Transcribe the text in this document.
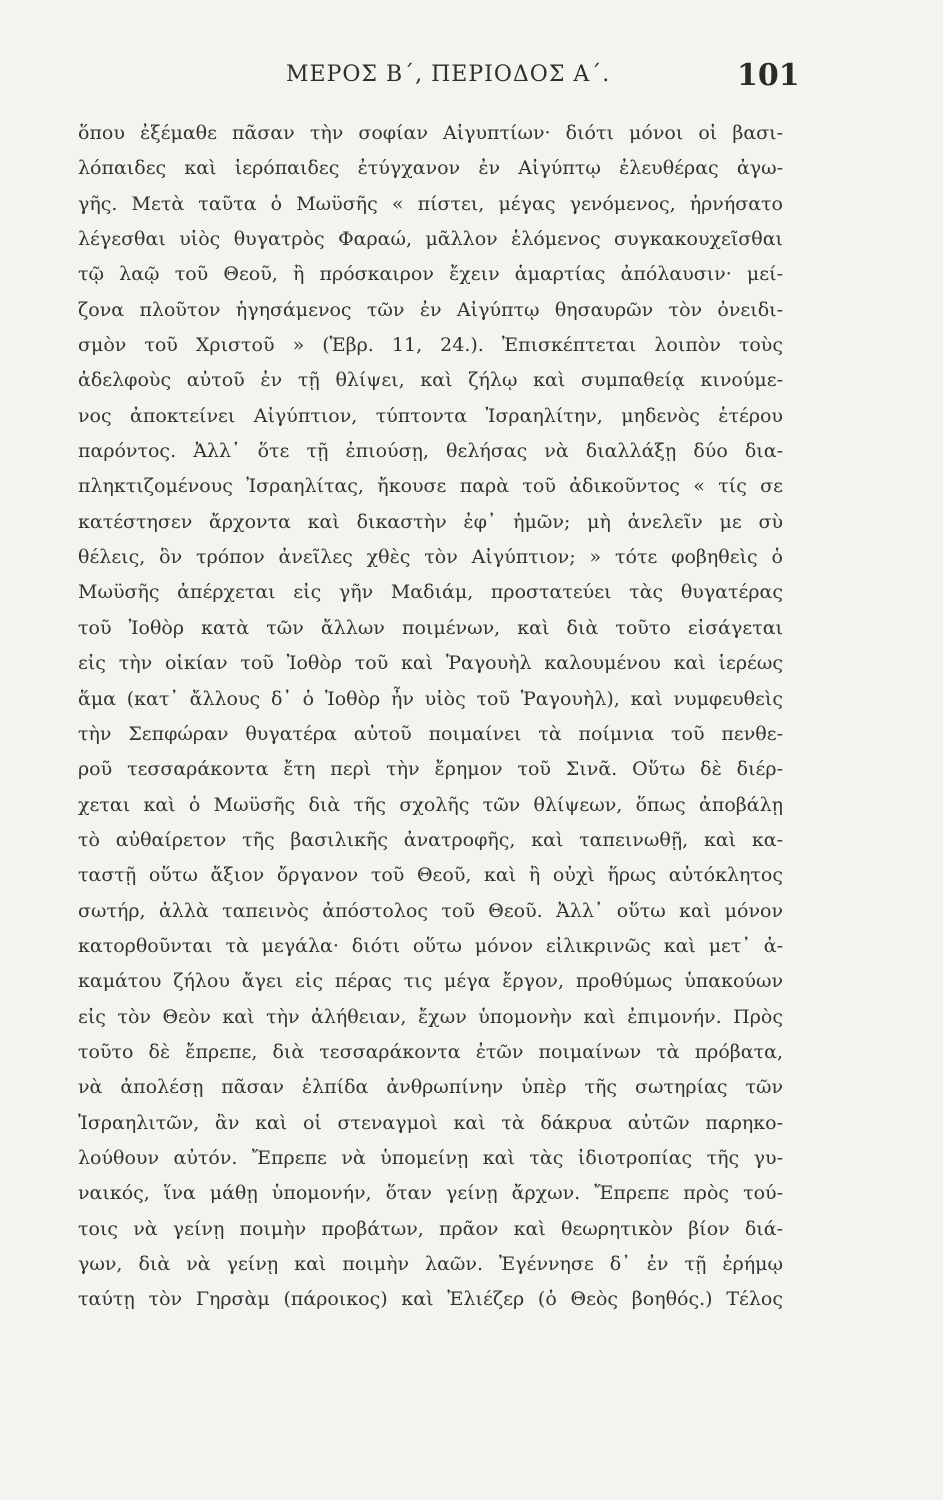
ΜΕΡΟΣ Β΄, ΠΕΡΙΟΔΟΣ Α΄.	101
ὅπου ἐξέμαθε πᾶσαν τὴν σοφίαν Αἰγυπτίων· διότι μόνοι οἱ βασι-
λόπαιδες καὶ ἱερόπαιδες ἐτύγχανον ἐν Αἰγύπτῳ ἐλευθέρας ἀγω-
γῆς. Μετὰ ταῦτα ὁ Μωϋσῆς « πίστει, μέγας γενόμενος, ἠρνήσατο
λέγεσθαι υἱὸς θυγατρὸς Φαραώ, μᾶλλον ἑλόμενος συγκακουχεῖσθαι
τῷ λαῷ τοῦ Θεοῦ, ἢ πρόσκαιρον ἔχειν ἁμαρτίας ἀπόλαυσιν· μεί-
ζονα πλοῦτον ἡγησάμενος τῶν ἐν Αἰγύπτῳ θησαυρῶν τὸν ὀνειδι-
σμὸν τοῦ Χριστοῦ » (Ἑβρ. 11, 24.). Ἐπισκέπτεται λοιπὸν τοὺς
ἀδελφοὺς αὐτοῦ ἐν τῇ θλίψει, καὶ ζήλῳ καὶ συμπαθείᾳ κινούμε-
νος ἀποκτείνει Αἰγύπτιον, τύπτοντα Ἰσραηλίτην, μηδενὸς ἑτέρου
παρόντος. Ἀλλ᾽ ὅτε τῇ ἐπιούσῃ, θελήσας νὰ διαλλάξῃ δύο δια-
πληκτιζομένους Ἰσραηλίτας, ἤκουσε παρὰ τοῦ ἀδικοῦντος « τίς σε
κατέστησεν ἄρχοντα καὶ δικαστὴν ἐφ᾽ ἡμῶν; μὴ ἀνελεῖν με σὺ
θέλεις, ὃν τρόπον ἀνεῖλες χθὲς τὸν Αἰγύπτιον; » τότε φοβηθεὶς ὁ
Μωϋσῆς ἀπέρχεται εἰς γῆν Μαδιάμ, προστατεύει τὰς θυγατέρας
τοῦ Ἰοθὸρ κατὰ τῶν ἄλλων ποιμένων, καὶ διὰ τοῦτο εἰσάγεται
εἰς τὴν οἰκίαν τοῦ Ἰοθὸρ τοῦ καὶ Ῥαγουὴλ καλουμένου καὶ ἱερέως
ἅμα (κατ᾽ ἄλλους δ᾽ ὁ Ἰοθὸρ ἦν υἱὸς τοῦ Ῥαγουὴλ), καὶ νυμφευθεὶς
τὴν Σεπφώραν θυγατέρα αὐτοῦ ποιμαίνει τὰ ποίμνια τοῦ πενθε-
ροῦ τεσσαράκοντα ἔτη περὶ τὴν ἔρημον τοῦ Σινᾶ. Οὕτω δὲ διέρ-
χεται καὶ ὁ Μωϋσῆς διὰ τῆς σχολῆς τῶν θλίψεων, ὅπως ἀποβάλῃ
τὸ αὐθαίρετον τῆς βασιλικῆς ἀνατροφῆς, καὶ ταπεινωθῇ, καὶ κα-
ταστῇ οὕτω ἄξιον ὄργανον τοῦ Θεοῦ, καὶ ἢ οὐχὶ ἥρως αὐτόκλητος
σωτήρ, ἀλλὰ ταπεινὸς ἀπόστολος τοῦ Θεοῦ. Ἀλλ᾽ οὕτω καὶ μόνον
κατορθοῦνται τὰ μεγάλα· διότι οὕτω μόνον εἰλικρινῶς καὶ μετ᾽ ἀ-
καμάτου ζήλου ἄγει εἰς πέρας τις μέγα ἔργον, προθύμως ὑπακούων
εἰς τὸν Θεὸν καὶ τὴν ἀλήθειαν, ἔχων ὑπομονὴν καὶ ἐπιμονήν. Πρὸς
τοῦτο δὲ ἔπρεπε, διὰ τεσσαράκοντα ἐτῶν ποιμαίνων τὰ πρόβατα,
νὰ ἀπολέσῃ πᾶσαν ἐλπίδα ἀνθρωπίνην ὑπὲρ τῆς σωτηρίας τῶν
Ἰσραηλιτῶν, ἂν καὶ οἱ στεναγμοὶ καὶ τὰ δάκρυα αὐτῶν παρηκο-
λούθουν αὐτόν. Ἔπρεπε νὰ ὑπομείνῃ καὶ τὰς ἰδιοτροπίας τῆς γυ-
ναικός, ἵνα μάθῃ ὑπομονήν, ὅταν γείνῃ ἄρχων. Ἔπρεπε πρὸς τού-
τοις νὰ γείνῃ ποιμὴν προβάτων, πρᾶον καὶ θεωρητικὸν βίον διά-
γων, διὰ νὰ γείνῃ καὶ ποιμὴν λαῶν. Ἐγέννησε δ᾽ ἐν τῇ ἐρήμῳ
ταύτῃ τὸν Γηρσὰμ (πάροικος) καὶ Ἐλιέζερ (ὁ Θεὸς βοηθός.) Τέλος
